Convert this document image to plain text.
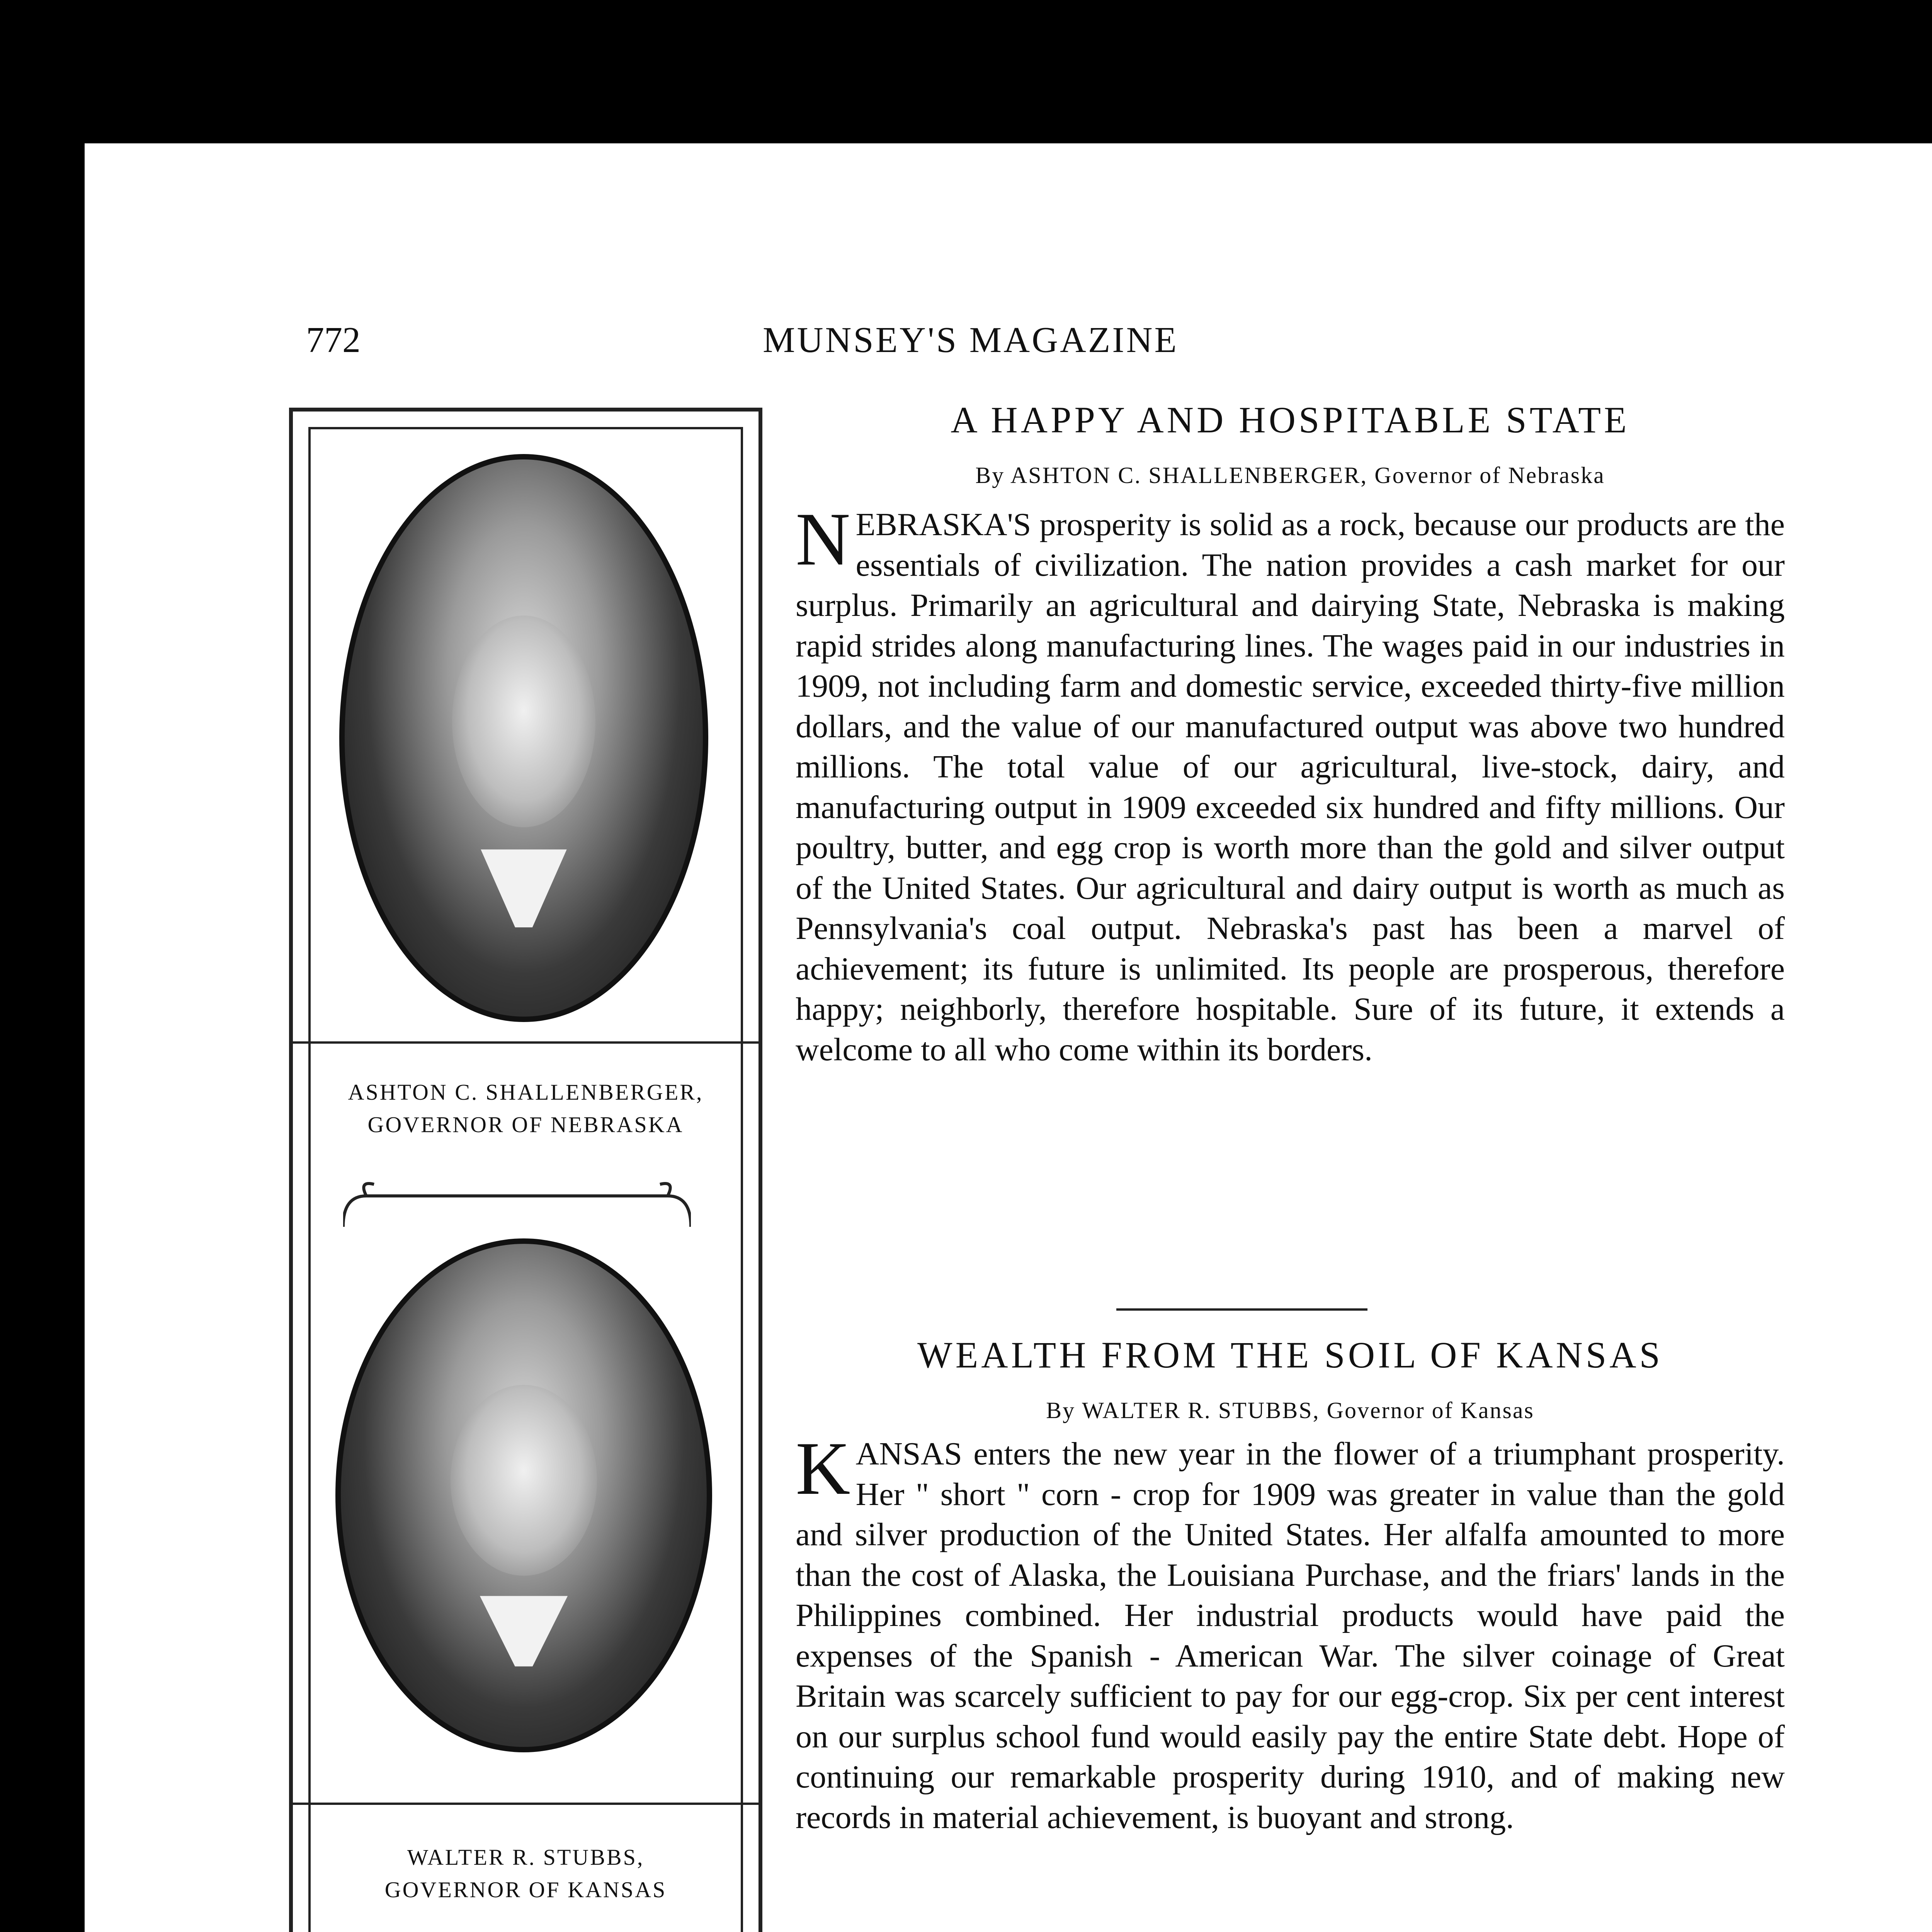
772	MUNSEY'S MAGAZINE

ASHTON C. SHALLENBERGER,

GOVERNOR OF NEBRASKA

WALTER R. STUBBS,

GOVERNOR OF KANSAS

A HAPPY AND HOSPITABLE STATE

By ASHTON C. SHALLENBERGER, Governor of Nebraska

NEBRASKA'S prosperity is solid as a rock, because our products are the essentials of civilization. The nation provides a cash market for our surplus. Primarily an agricultural and dairying State, Nebraska is making rapid strides along manufacturing lines. The wages paid in our industries in 1909, not including farm and domestic service, exceeded thirty-five million dollars, and the value of our manufactured output was above two hundred millions. The total value of our agricultural, live-stock, dairy, and manufacturing output in 1909 exceeded six hundred and fifty millions. Our poultry, butter, and egg crop is worth more than the gold and silver output of the United States. Our agricultural and dairy output is worth as much as Pennsylvania's coal output. Nebraska's past has been a marvel of achievement; its future is unlimited. Its people are prosperous, therefore happy; neighborly, therefore hospitable. Sure of its future, it extends a welcome to all who come within its borders.

WEALTH FROM THE SOIL OF KANSAS

By WALTER R. STUBBS, Governor of Kansas

KANSAS enters the new year in the flower of a triumphant prosperity. Her " short " corn - crop for 1909 was greater in value than the gold and silver production of the United States. Her alfalfa amounted to more than the cost of Alaska, the Louisiana Purchase, and the friars' lands in the Philippines combined. Her industrial products would have paid the expenses of the Spanish - American War. The silver coinage of Great Britain was scarcely sufficient to pay for our egg-crop. Six per cent interest on our surplus school fund would easily pay the entire State debt. Hope of continuing our remarkable prosperity during 1910, and of making new records in material achievement, is buoyant and strong.
